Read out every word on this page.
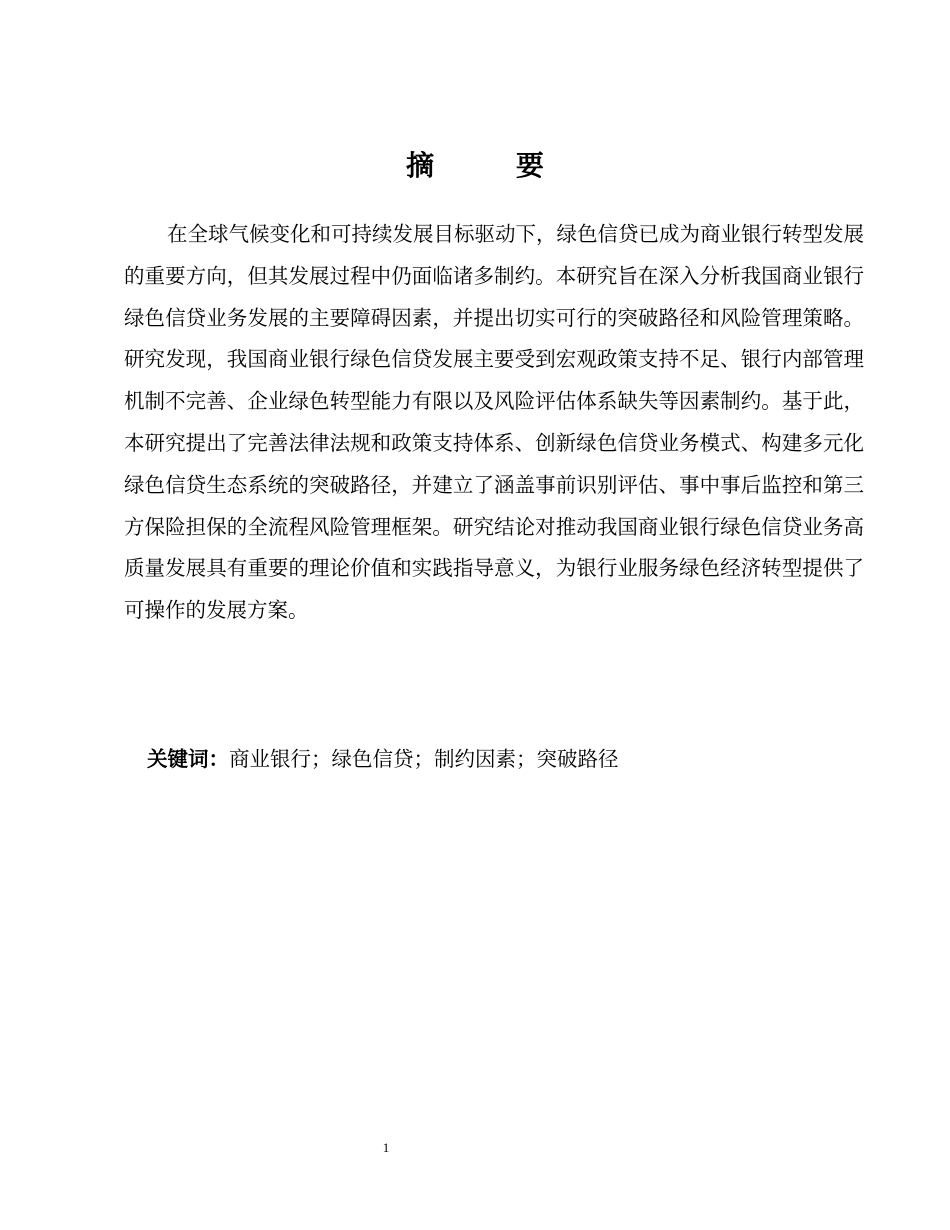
摘 要

在全球气候变化和可持续发展目标驱动下，绿色信贷已成为商业银行转型发展的重要方向，但其发展过程中仍面临诸多制约。本研究旨在深入分析我国商业银行绿色信贷业务发展的主要障碍因素，并提出切实可行的突破路径和风险管理策略。研究发现，我国商业银行绿色信贷发展主要受到宏观政策支持不足、银行内部管理机制不完善、企业绿色转型能力有限以及风险评估体系缺失等因素制约。基于此，本研究提出了完善法律法规和政策支持体系、创新绿色信贷业务模式、构建多元化绿色信贷生态系统的突破路径，并建立了涵盖事前识别评估、事中事后监控和第三方保险担保的全流程风险管理框架。研究结论对推动我国商业银行绿色信贷业务高质量发展具有重要的理论价值和实践指导意义，为银行业服务绿色经济转型提供了可操作的发展方案。

关键词：商业银行；绿色信贷；制约因素；突破路径

1
